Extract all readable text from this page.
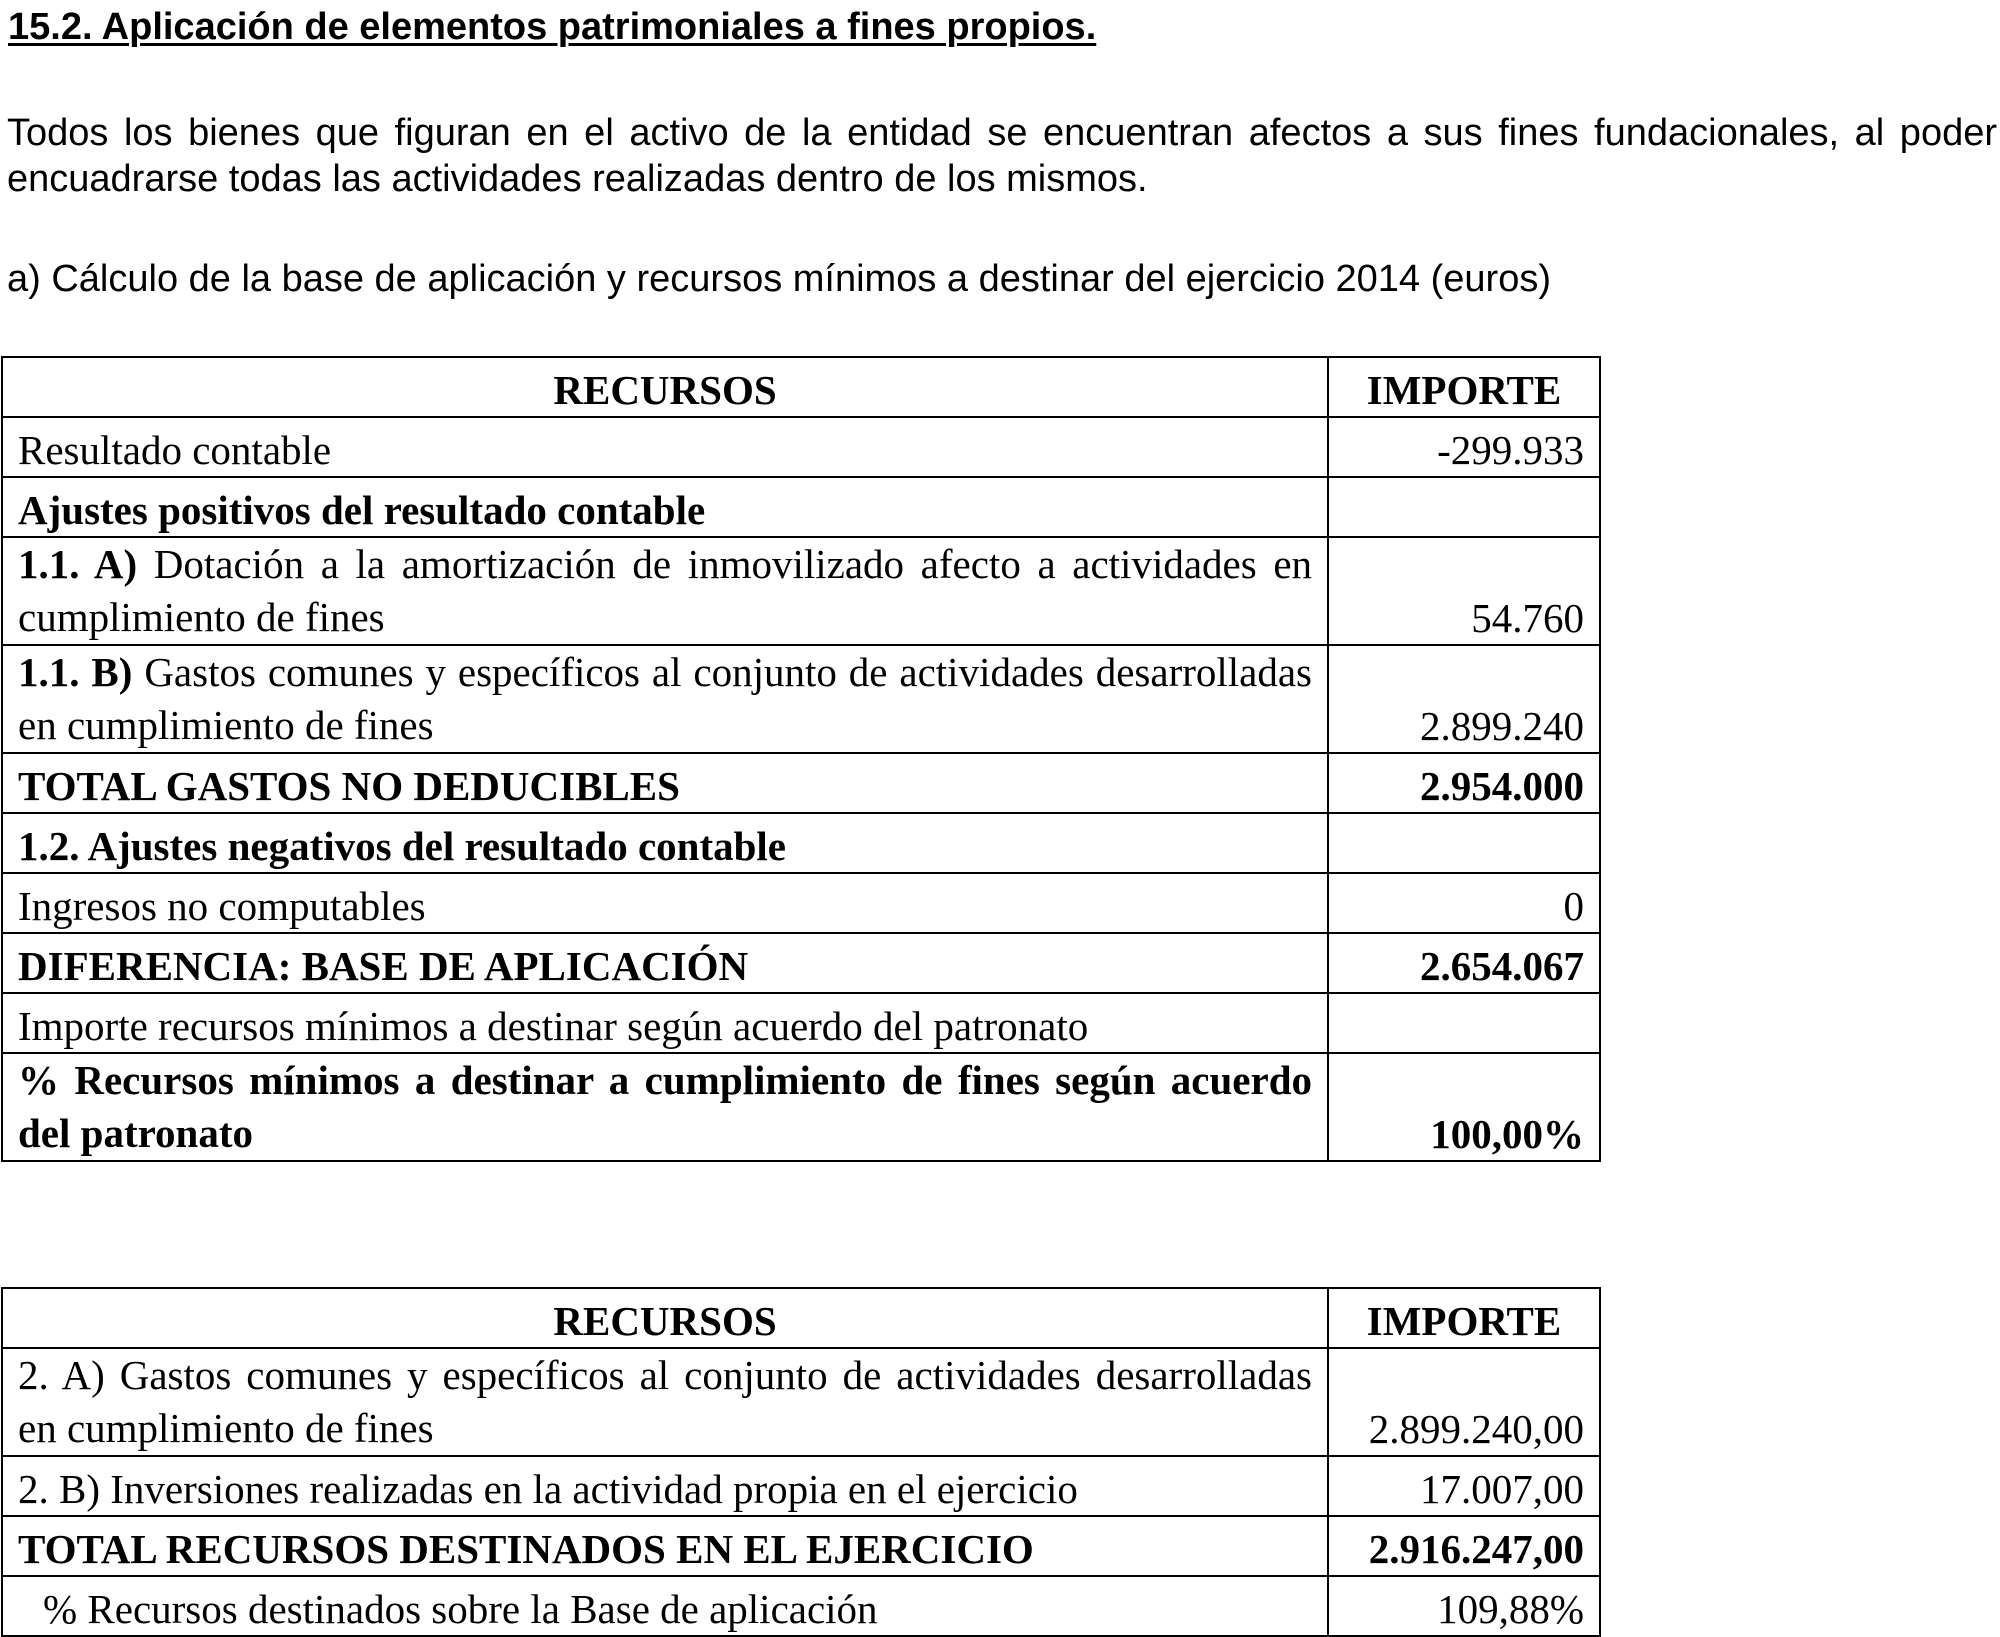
15.2. Aplicación de elementos patrimoniales a fines propios.
Todos los bienes que figuran en el activo de la entidad se encuentran afectos a sus fines fundacionales, al poder encuadrarse todas las actividades realizadas dentro de los mismos.
a) Cálculo de la base de aplicación y recursos mínimos a destinar del ejercicio 2014 (euros)
RECURSOS	IMPORTE
Resultado contable	-299.933
Ajustes positivos del resultado contable	
1.1. A) Dotación a la amortización de inmovilizado afecto a actividades en cumplimiento de fines	54.760
1.1. B) Gastos comunes y específicos al conjunto de actividades desarrolladas en cumplimiento de fines	2.899.240
TOTAL GASTOS NO DEDUCIBLES	2.954.000
1.2. Ajustes negativos del resultado contable	
Ingresos no computables	0
DIFERENCIA: BASE DE APLICACIÓN	2.654.067
Importe recursos mínimos a destinar según acuerdo del patronato	
% Recursos mínimos a destinar a cumplimiento de fines según acuerdo del patronato	100,00%
RECURSOS	IMPORTE
2. A) Gastos comunes y específicos al conjunto de actividades desarrolladas en cumplimiento de fines	2.899.240,00
2. B) Inversiones realizadas en la actividad propia en el ejercicio	17.007,00
TOTAL RECURSOS DESTINADOS EN EL EJERCICIO	2.916.247,00
% Recursos destinados sobre la Base de aplicación	109,88%
